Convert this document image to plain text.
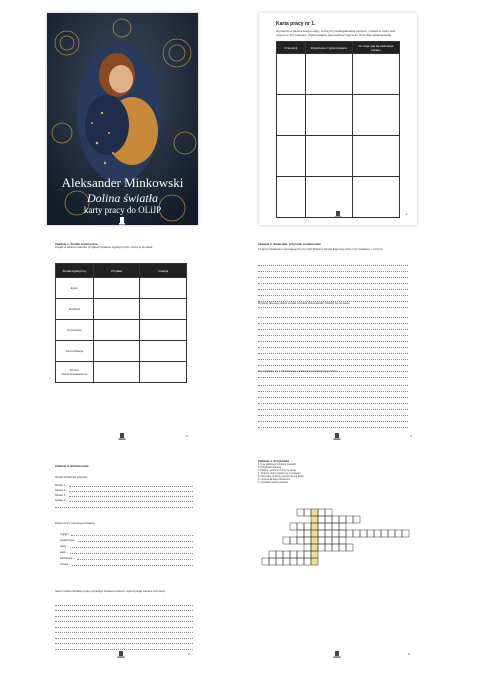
Aleksander Minkowski
Dolina światła
karty pracy do OLiJP
Karta pracy nr 1.
Wymieńcie w tabelce kolejne etapy, w których przebiegała akcja powieści, i wskażcie osoby oraz miejsca w nich związane. Wykorzystajcie zgromadzone fragmenty, które Was zainteresowały.
Czas akcji	Wydarzenie z życia bohatera	Co czuje i jak się zachowuje bohater

1
Zadanie 1. Środki stylistyczne
Znajdź w tekście powieści przykłady środków stylistycznych i wpisz je do tabeli.
Środek stylistyczny	Przykład	Funkcja
Epitet		
Metafora		
Porównanie		
Personifikacja		
Wyrazy dźwiękonaśladowcze		
2
Zadanie 2. Zwierzęta, przyroda, bohaterowie
Co łączy bohaterów z otaczającą ich przyrodą? Wskaż w tekście fragmenty, które o tym świadczą, i omów je.
Wyjaśnij, dlaczego dolina została nazwana doliną światła. Odwołaj się do tekstu.
Czy zgadzasz się z zakończeniem powieści? Uzasadnij swoje zdanie.
3
Zadanie 3. Bohaterowie
Wypisz bohaterów powieści:
bohater 1 –
bohater 2 –
bohater 3 –
bohater 4 –
Zapisz cechy wybranego bohatera:
wygląd –
sposób bycia –
zalety –
wady –
zachowanie –
uczucia –
Napisz krótką charakterystykę wybranego bohatera powieści, wykorzystując zebrane informacje.
4
Zadanie 4. Krzyżówka
1. Imię głównego bohatera powieści.
2. Przyjaciel bohatera.
3. Miejsce, w którym toczy się akcja.
4. Zwierzę, które pojawia się w powieści.
5. Pora roku, w której rozpoczyna się akcja.
6. Uczucie łączące bohaterów.
7. Nazwisko autora powieści.
5
